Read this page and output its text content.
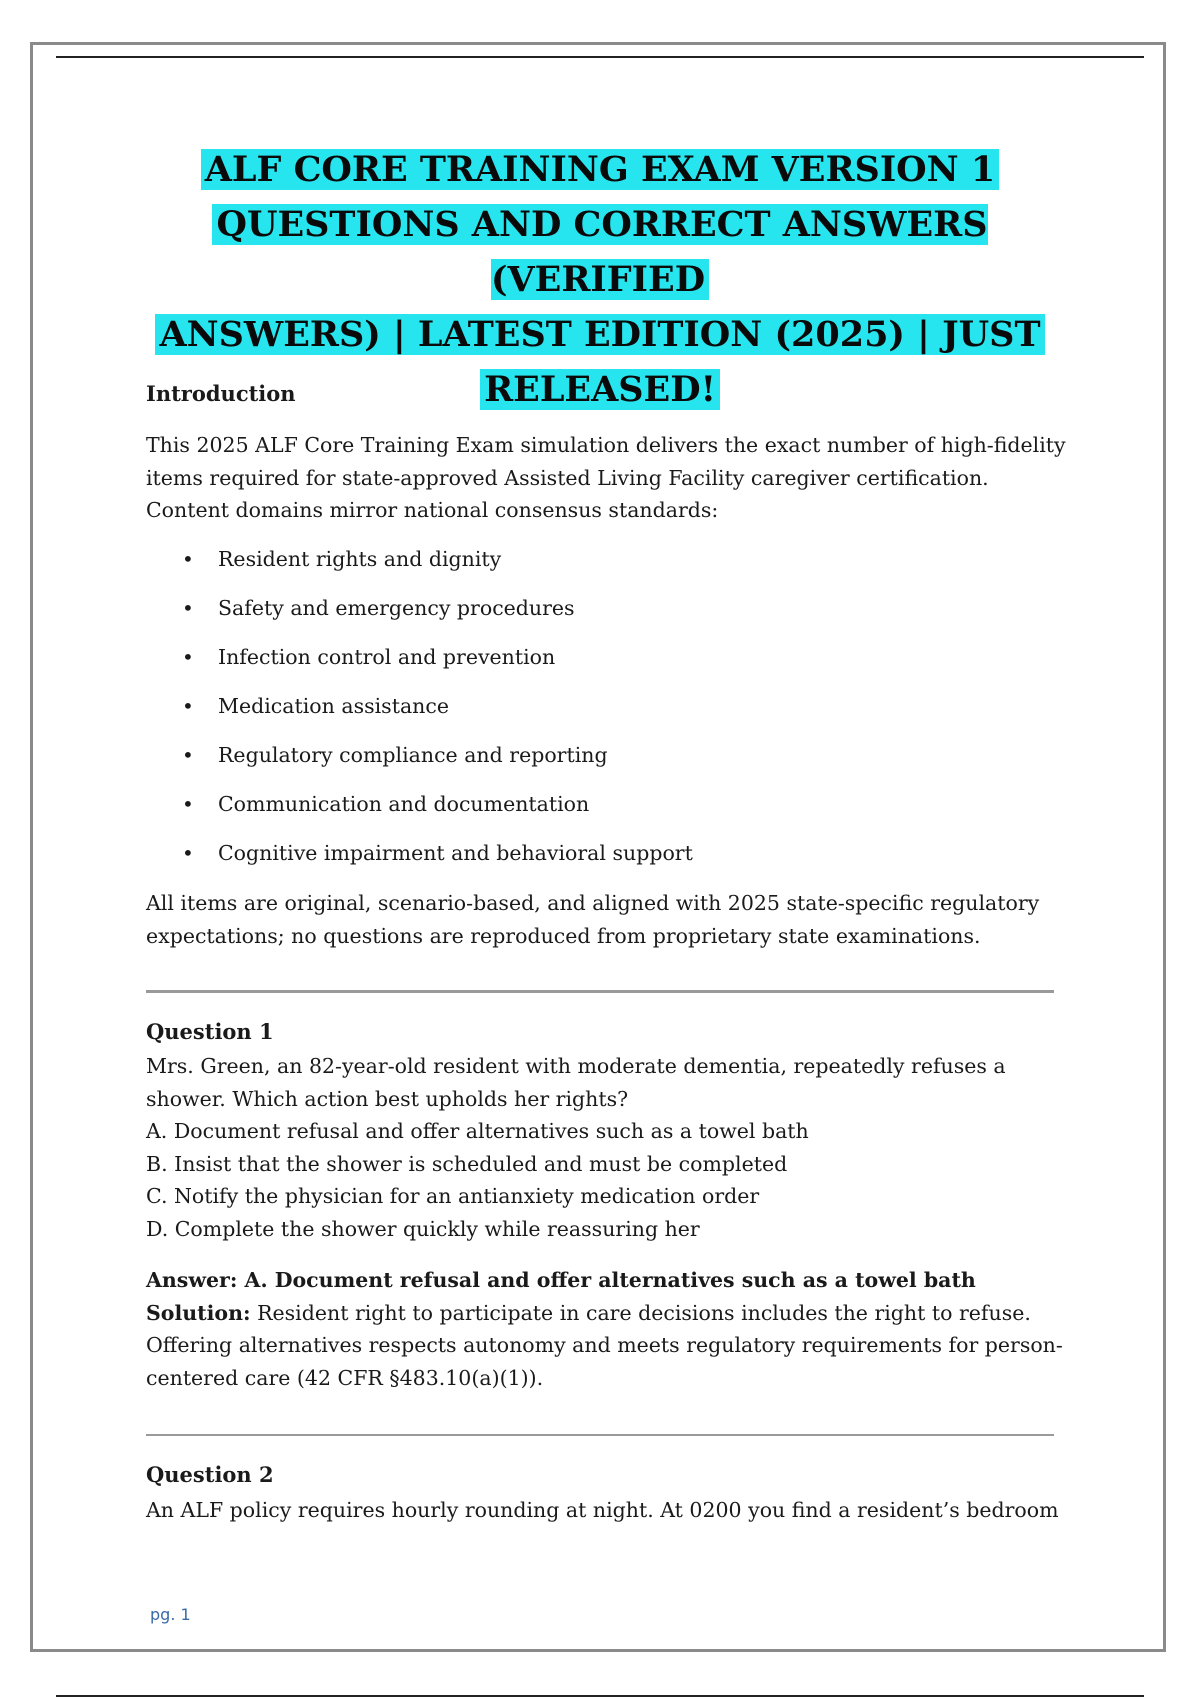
ALF CORE TRAINING EXAM VERSION 1
QUESTIONS AND CORRECT ANSWERS (VERIFIED
ANSWERS) | LATEST EDITION (2025) | JUST
RELEASED!
Introduction

This 2025 ALF Core Training Exam simulation delivers the exact number of high-fidelity items required for state-approved Assisted Living Facility caregiver certification. Content domains mirror national consensus standards:

• Resident rights and dignity
• Safety and emergency procedures
• Infection control and prevention
• Medication assistance
• Regulatory compliance and reporting
• Communication and documentation
• Cognitive impairment and behavioral support

All items are original, scenario-based, and aligned with 2025 state-specific regulatory expectations; no questions are reproduced from proprietary state examinations.

Question 1

Mrs. Green, an 82-year-old resident with moderate dementia, repeatedly refuses a shower. Which action best upholds her rights?

A. Document refusal and offer alternatives such as a towel bath

B. Insist that the shower is scheduled and must be completed

C. Notify the physician for an antianxiety medication order

D. Complete the shower quickly while reassuring her

Answer: A. Document refusal and offer alternatives such as a towel bath

Solution: Resident right to participate in care decisions includes the right to refuse. Offering alternatives respects autonomy and meets regulatory requirements for person-centered care (42 CFR §483.10(a)(1)).

Question 2

An ALF policy requires hourly rounding at night. At 0200 you find a resident’s bedroom

pg. 1
